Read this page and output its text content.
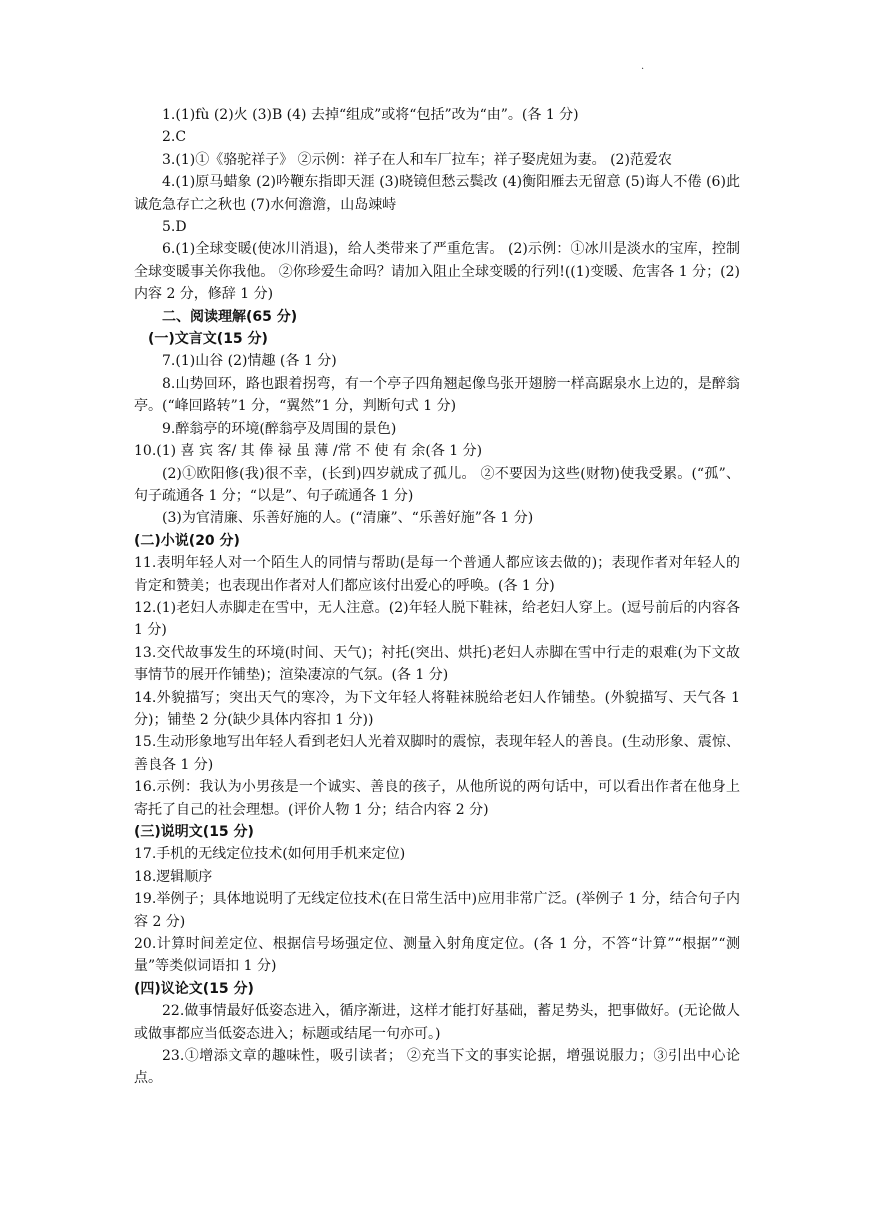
·

1.(1)fù (2)火 (3)B (4) 去掉“组成”或将“包括”改为“由”。(各 1 分)

2.C

3.(1)①《骆驼祥子》 ②示例：祥子在人和车厂拉车；祥子娶虎妞为妻。 (2)范爱农

4.(1)原马蜡象 (2)吟鞭东指即天涯 (3)晓镜但愁云鬓改 (4)衡阳雁去无留意 (5)诲人不倦 (6)此诚危急存亡之秋也 (7)水何澹澹，山岛竦峙

5.D

6.(1)全球变暖(使冰川消退)，给人类带来了严重危害。 (2)示例：①冰川是淡水的宝库，控制全球变暖事关你我他。 ②你珍爱生命吗？请加入阻止全球变暖的行列!((1)变暖、危害各 1 分；(2)内容 2 分，修辞 1 分)

二、阅读理解(65 分)

(一)文言文(15 分)

7.(1)山谷 (2)情趣 (各 1 分)

8.山势回环，路也跟着拐弯，有一个亭子四角翘起像鸟张开翅膀一样高踞泉水上边的，是醉翁亭。(“峰回路转”1 分，“翼然”1 分，判断句式 1 分)

9.醉翁亭的环境(醉翁亭及周围的景色)

10.(1) 喜 宾 客/ 其 俸 禄 虽 薄 /常 不 使 有 余(各 1 分)

(2)①欧阳修(我)很不幸，(长到)四岁就成了孤儿。 ②不要因为这些(财物)使我受累。(“孤”、句子疏通各 1 分；“以是”、句子疏通各 1 分)

(3)为官清廉、乐善好施的人。(“清廉”、“乐善好施”各 1 分)

(二)小说(20 分)

11.表明年轻人对一个陌生人的同情与帮助(是每一个普通人都应该去做的)；表现作者对年轻人的肯定和赞美；也表现出作者对人们都应该付出爱心的呼唤。(各 1 分)

12.(1)老妇人赤脚走在雪中，无人注意。(2)年轻人脱下鞋袜，给老妇人穿上。(逗号前后的内容各 1 分)

13.交代故事发生的环境(时间、天气)；衬托(突出、烘托)老妇人赤脚在雪中行走的艰难(为下文故事情节的展开作铺垫)；渲染凄凉的气氛。(各 1 分)

14.外貌描写；突出天气的寒冷，为下文年轻人将鞋袜脱给老妇人作铺垫。(外貌描写、天气各 1 分)；铺垫 2 分(缺少具体内容扣 1 分))

15.生动形象地写出年轻人看到老妇人光着双脚时的震惊，表现年轻人的善良。(生动形象、震惊、善良各 1 分)

16.示例：我认为小男孩是一个诚实、善良的孩子，从他所说的两句话中，可以看出作者在他身上寄托了自己的社会理想。(评价人物 1 分；结合内容 2 分)

(三)说明文(15 分)

17.手机的无线定位技术(如何用手机来定位)

18.逻辑顺序

19.举例子；具体地说明了无线定位技术(在日常生活中)应用非常广泛。(举例子 1 分，结合句子内容 2 分)

20.计算时间差定位、根据信号场强定位、测量入射角度定位。(各 1 分，不答“计算”“根据”“测量”等类似词语扣 1 分)

(四)议论文(15 分)

22.做事情最好低姿态进入，循序渐进，这样才能打好基础，蓄足势头，把事做好。(无论做人或做事都应当低姿态进入；标题或结尾一句亦可。)

23.①增添文章的趣味性，吸引读者； ②充当下文的事实论据，增强说服力；③引出中心论点。
